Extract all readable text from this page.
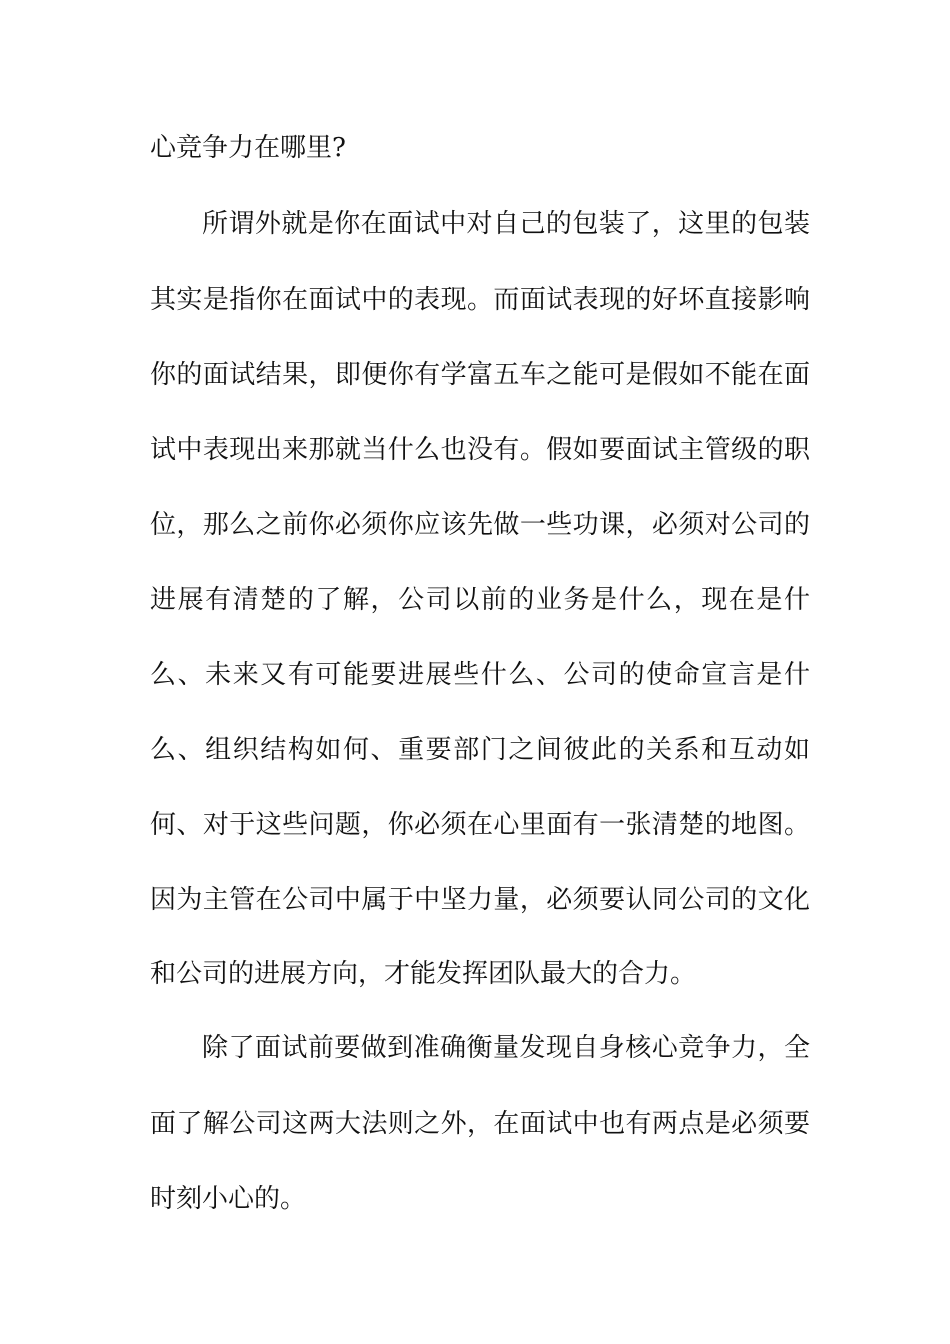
心竞争力在哪里?
所谓外就是你在面试中对自己的包装了，这里的包装
其实是指你在面试中的表现。而面试表现的好坏直接影响
你的面试结果，即便你有学富五车之能可是假如不能在面
试中表现出来那就当什么也没有。假如要面试主管级的职
位，那么之前你必须你应该先做一些功课，必须对公司的
进展有清楚的了解，公司以前的业务是什么，现在是什
么、未来又有可能要进展些什么、公司的使命宣言是什
么、组织结构如何、重要部门之间彼此的关系和互动如
何、对于这些问题，你必须在心里面有一张清楚的地图。
因为主管在公司中属于中坚力量，必须要认同公司的文化
和公司的进展方向，才能发挥团队最大的合力。
除了面试前要做到准确衡量发现自身核心竞争力，全
面了解公司这两大法则之外，在面试中也有两点是必须要
时刻小心的。
